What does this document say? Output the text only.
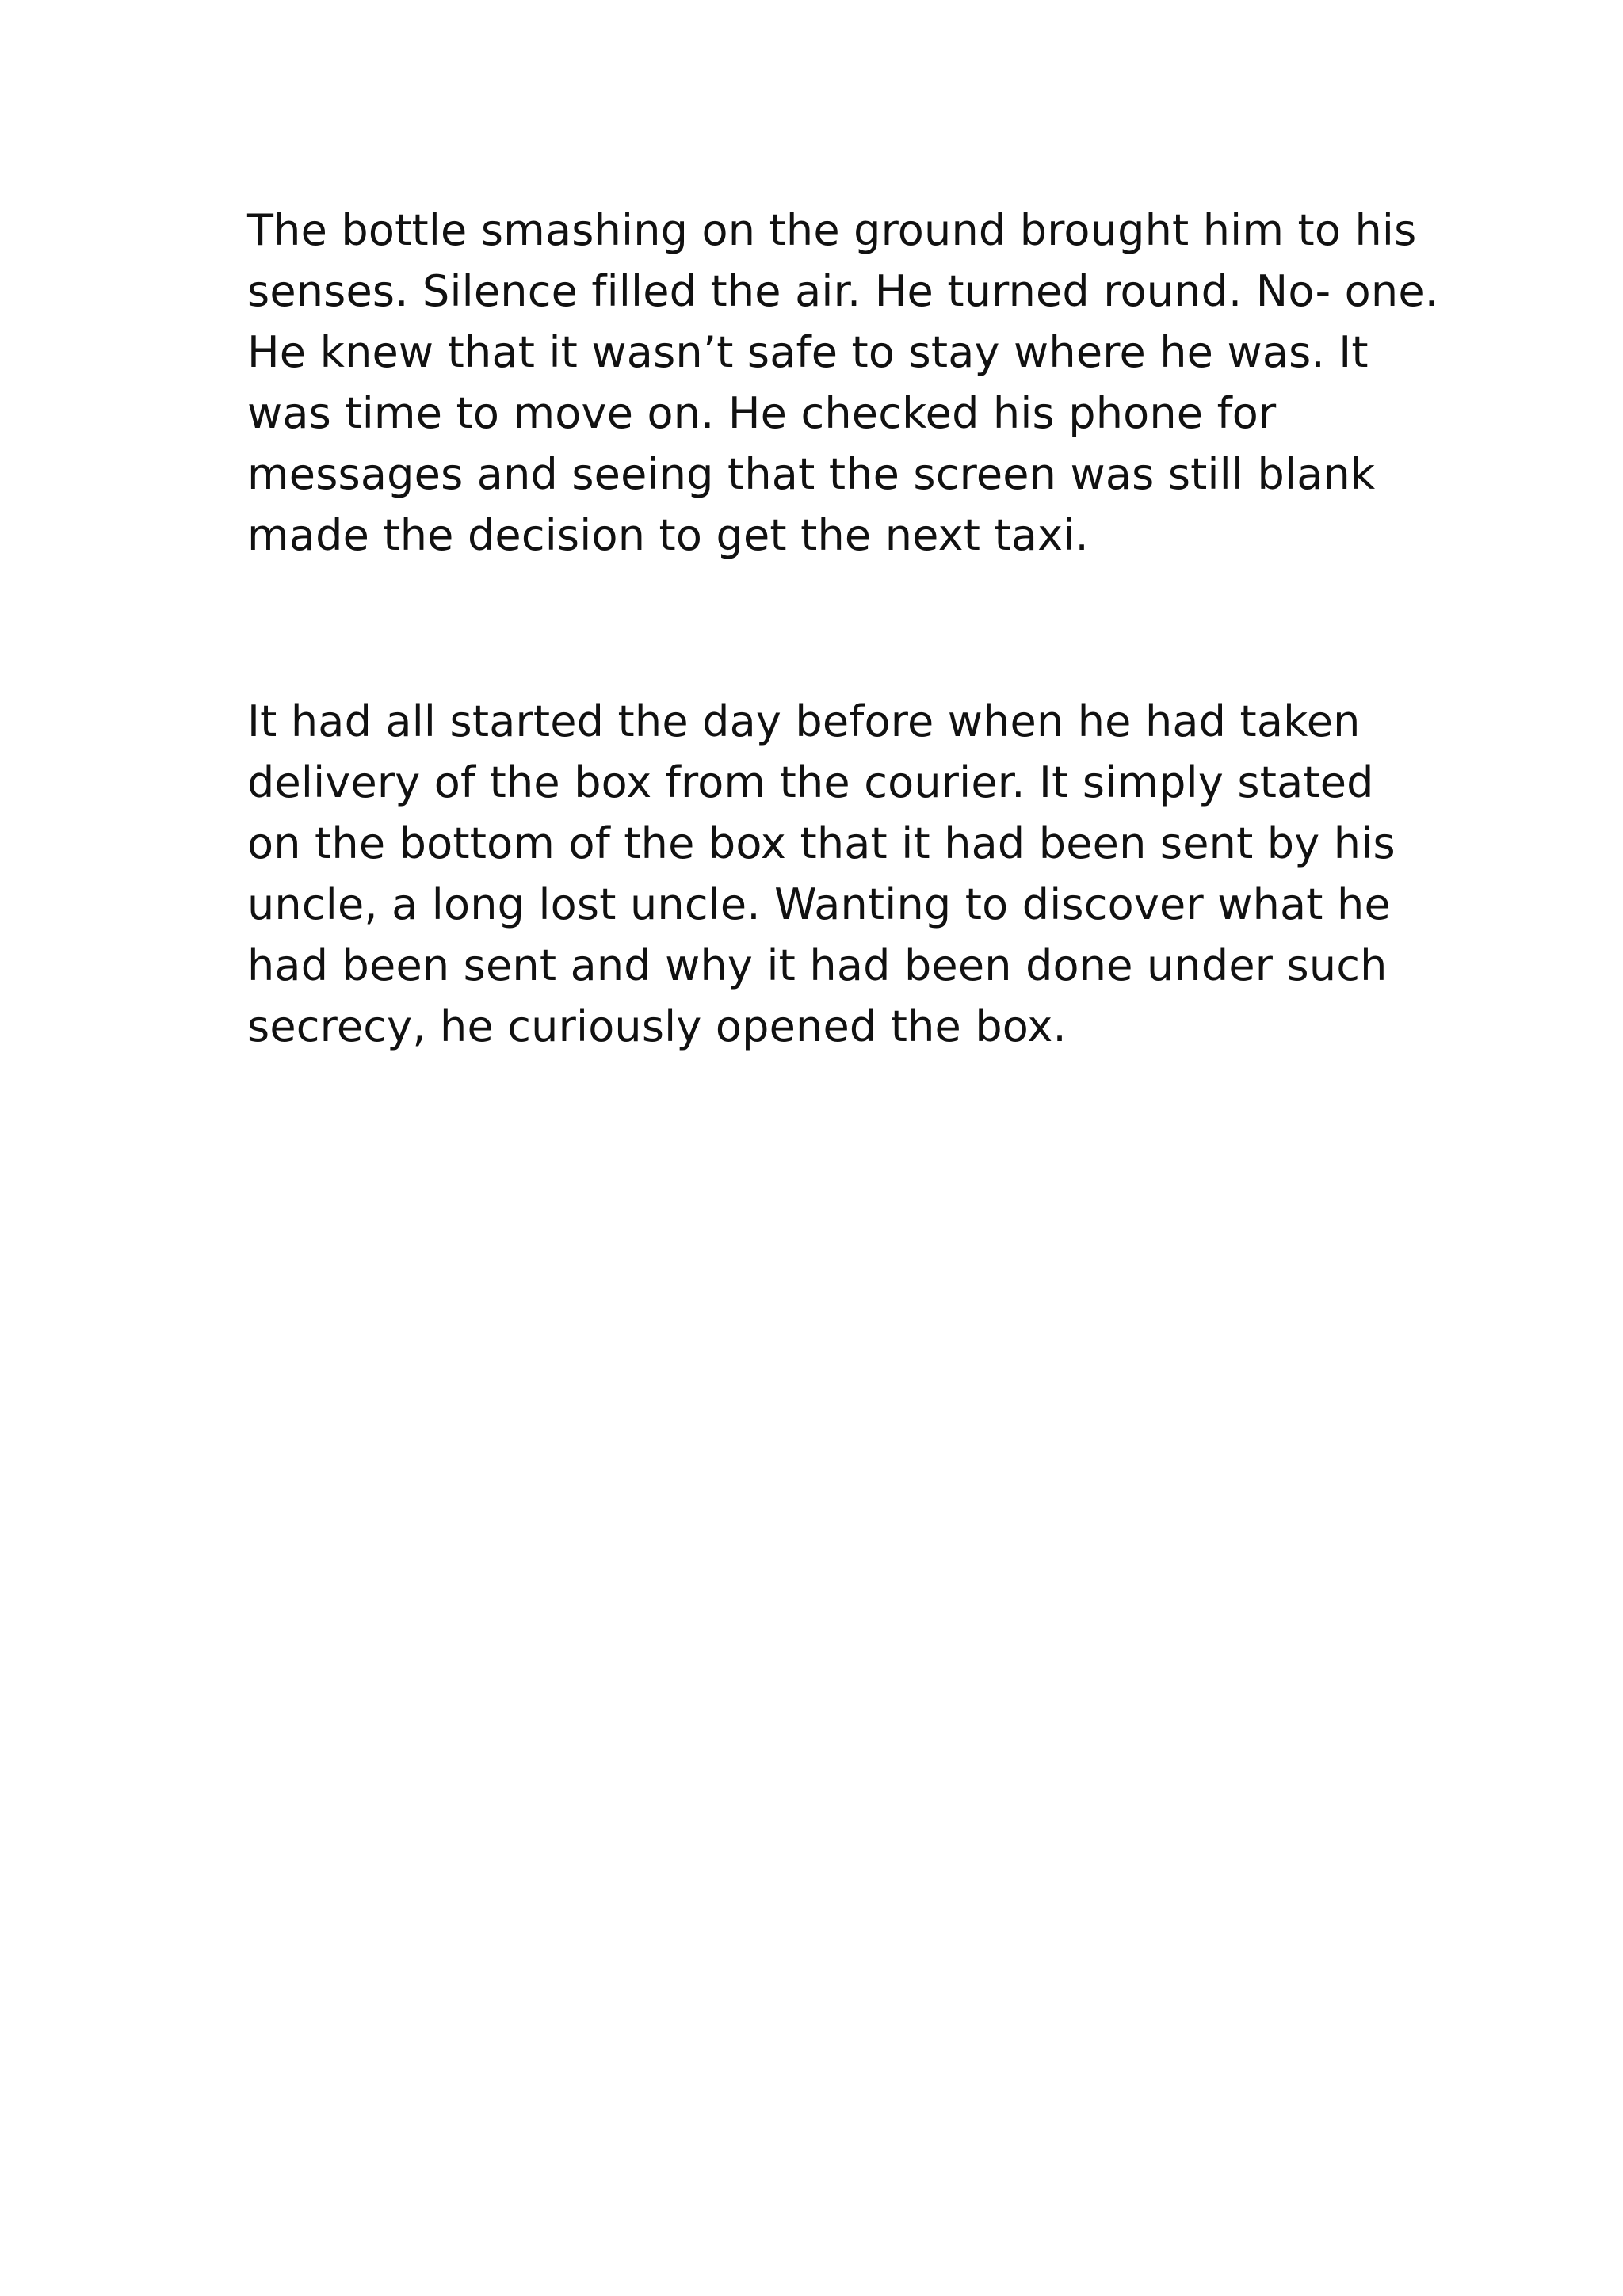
The bottle smashing on the ground brought him to his
senses. Silence filled the air. He turned round. No- one.
He knew that it wasn’t safe to stay where he was. It
was time to move on. He checked his phone for
messages and seeing that the screen was still blank
made the decision to get the next taxi.

It had all started the day before when he had taken
delivery of the box from the courier. It simply stated
on the bottom of the box that it had been sent by his
uncle, a long lost uncle. Wanting to discover what he
had been sent and why it had been done under such
secrecy, he curiously opened the box.
